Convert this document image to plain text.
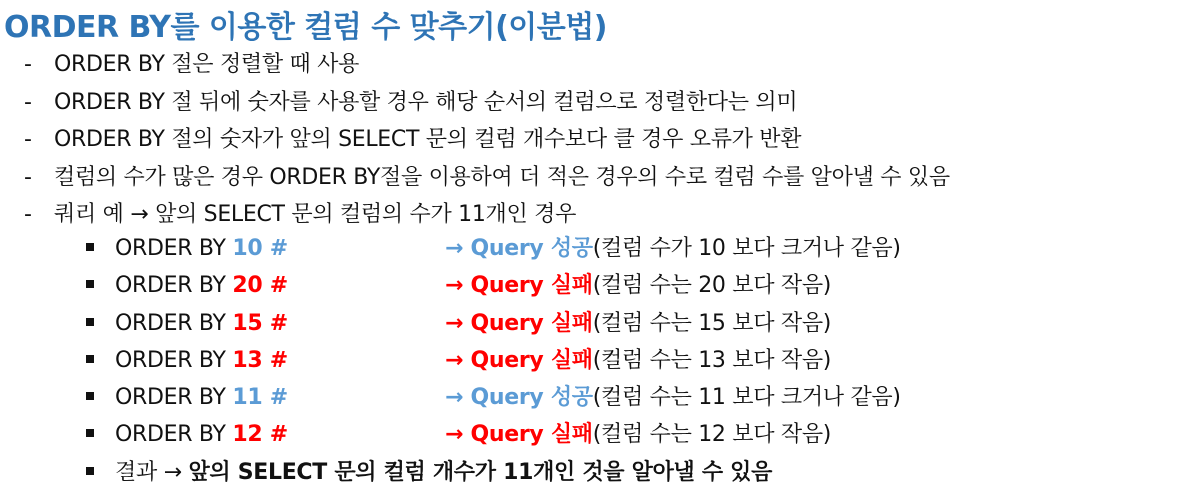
ORDER BY를 이용한 컬럼 수 맞추기(이분법)
- ORDER BY 절은 정렬할 때 사용
- ORDER BY 절 뒤에 숫자를 사용할 경우 해당 순서의 컬럼으로 정렬한다는 의미
- ORDER BY 절의 숫자가 앞의 SELECT 문의 컬럼 개수보다 클 경우 오류가 반환
- 컬럼의 수가 많은 경우 ORDER BY절을 이용하여 더 적은 경우의 수로 컬럼 수를 알아낼 수 있음
- 쿼리 예 → 앞의 SELECT 문의 컬럼의 수가 11개인 경우
ORDER BY 10 #	→ Query 성공(컬럼 수가 10 보다 크거나 같음)
ORDER BY 20 #	→ Query 실패(컬럼 수는 20 보다 작음)
ORDER BY 15 #	→ Query 실패(컬럼 수는 15 보다 작음)
ORDER BY 13 #	→ Query 실패(컬럼 수는 13 보다 작음)
ORDER BY 11 #	→ Query 성공(컬럼 수는 11 보다 크거나 같음)
ORDER BY 12 #	→ Query 실패(컬럼 수는 12 보다 작음)
결과 → 앞의 SELECT 문의 컬럼 개수가 11개인 것을 알아낼 수 있음
